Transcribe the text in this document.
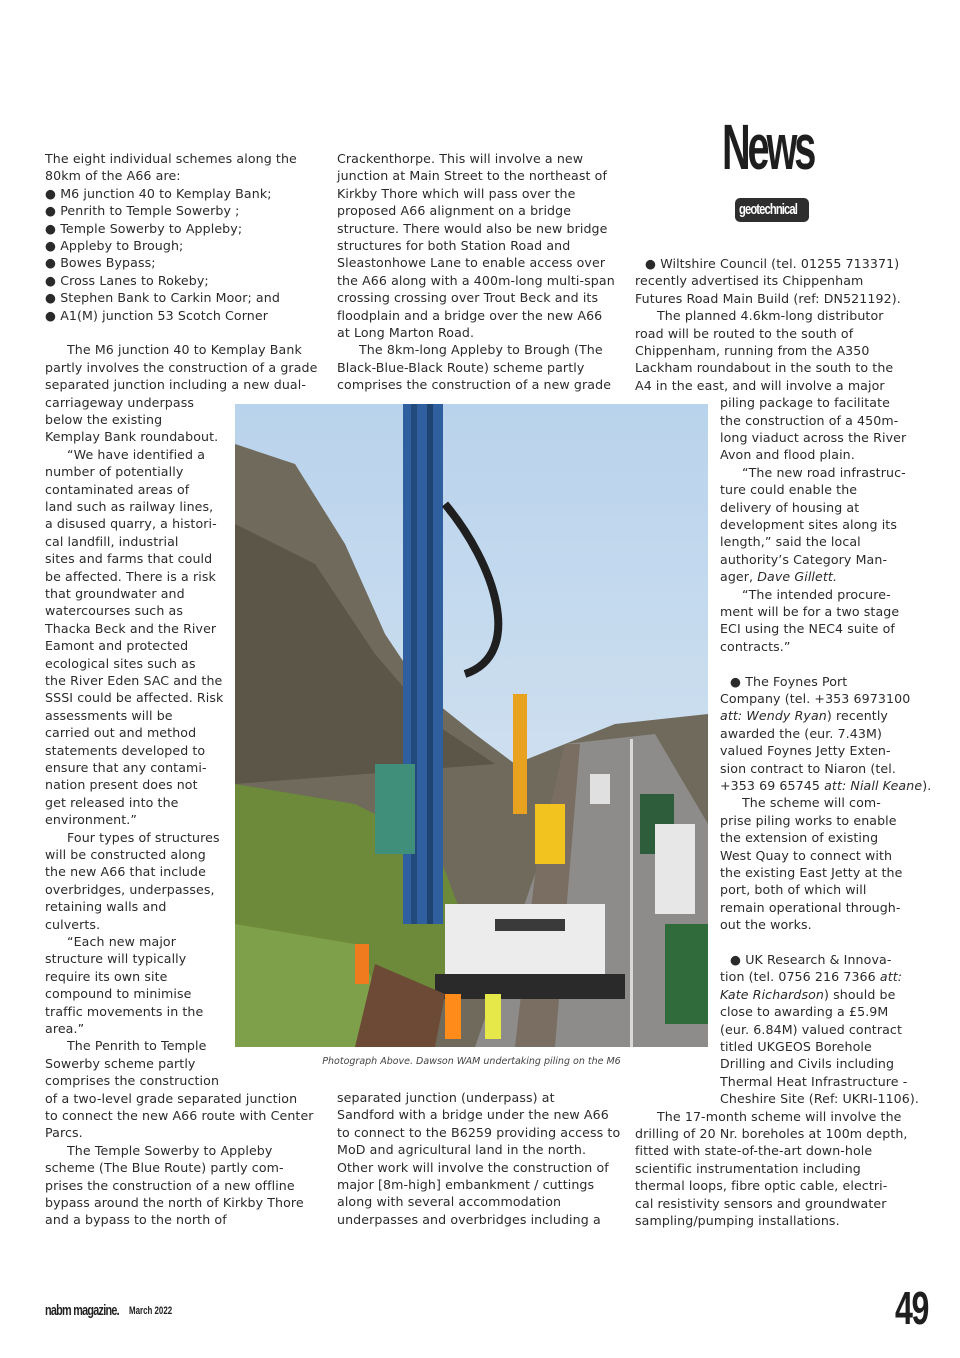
News
geotechnical
The eight individual schemes along the
80km of the A66 are:
● M6 junction 40 to Kemplay Bank;
● Penrith to Temple Sowerby ;
● Temple Sowerby to Appleby;
● Appleby to Brough;
● Bowes Bypass;
● Cross Lanes to Rokeby;
● Stephen Bank to Carkin Moor; and
● A1(M) junction 53 Scotch Corner
The M6 junction 40 to Kemplay Bank
partly involves the construction of a grade
separated junction including a new dual-
carriageway underpass
below the existing
Kemplay Bank roundabout.
“We have identified a
number of potentially
contaminated areas of
land such as railway lines,
a disused quarry, a histori-
cal landfill, industrial
sites and farms that could
be affected. There is a risk
that groundwater and
watercourses such as
Thacka Beck and the River
Eamont and protected
ecological sites such as
the River Eden SAC and the
SSSI could be affected. Risk
assessments will be
carried out and method
statements developed to
ensure that any contami-
nation present does not
get released into the
environment.”
Four types of structures
will be constructed along
the new A66 that include
overbridges, underpasses,
retaining walls and
culverts.
“Each new major
structure will typically
require its own site
compound to minimise
traffic movements in the
area.”
The Penrith to Temple
Sowerby scheme partly
comprises the construction
of a two-level grade separated junction
to connect the new A66 route with Center
Parcs.
The Temple Sowerby to Appleby
scheme (The Blue Route) partly com-
prises the construction of a new offline
bypass around the north of Kirkby Thore
and a bypass to the north of
Crackenthorpe. This will involve a new
junction at Main Street to the northeast of
Kirkby Thore which will pass over the
proposed A66 alignment on a bridge
structure. There would also be new bridge
structures for both Station Road and
Sleastonhowe Lane to enable access over
the A66 along with a 400m-long multi-span
crossing crossing over Trout Beck and its
floodplain and a bridge over the new A66
at Long Marton Road.
The 8km-long Appleby to Brough (The
Black-Blue-Black Route) scheme partly
comprises the construction of a new grade
separated junction (underpass) at
Sandford with a bridge under the new A66
to connect to the B6259 providing access to
MoD and agricultural land in the north.
Other work will involve the construction of
major [8m-high] embankment / cuttings
along with several accommodation
underpasses and overbridges including a
● Wiltshire Council (tel. 01255 713371)
recently advertised its Chippenham
Futures Road Main Build (ref: DN521192).
The planned 4.6km-long distributor
road will be routed to the south of
Chippenham, running from the A350
Lackham roundabout in the south to the
A4 in the east, and will involve a major
piling package to facilitate
the construction of a 450m-
long viaduct across the River
Avon and flood plain.
“The new road infrastruc-
ture could enable the
delivery of housing at
development sites along its
length,” said the local
authority’s Category Man-
ager, Dave Gillett.
“The intended procure-
ment will be for a two stage
ECI using the NEC4 suite of
contracts.”
● The Foynes Port
Company (tel. +353 6973100
att: Wendy Ryan) recently
awarded the (eur. 7.43M)
valued Foynes Jetty Exten-
sion contract to Niaron (tel.
+353 69 65745 att: Niall Keane).
The scheme will com-
prise piling works to enable
the extension of existing
West Quay to connect with
the existing East Jetty at the
port, both of which will
remain operational through-
out the works.
● UK Research & Innova-
tion (tel. 0756 216 7366 att:
Kate Richardson) should be
close to awarding a £5.9M
(eur. 6.84M) valued contract
titled UKGEOS Borehole
Drilling and Civils including
Thermal Heat Infrastructure -
Cheshire Site (Ref: UKRI-1106).
The 17-month scheme will involve the
drilling of 20 Nr. boreholes at 100m depth,
fitted with state-of-the-art down-hole
scientific instrumentation including
thermal loops, fibre optic cable, electri-
cal resistivity sensors and groundwater
sampling/pumping installations.
Photograph Above. Dawson WAM undertaking piling on the M6
nabm magazine. March 2022	49
